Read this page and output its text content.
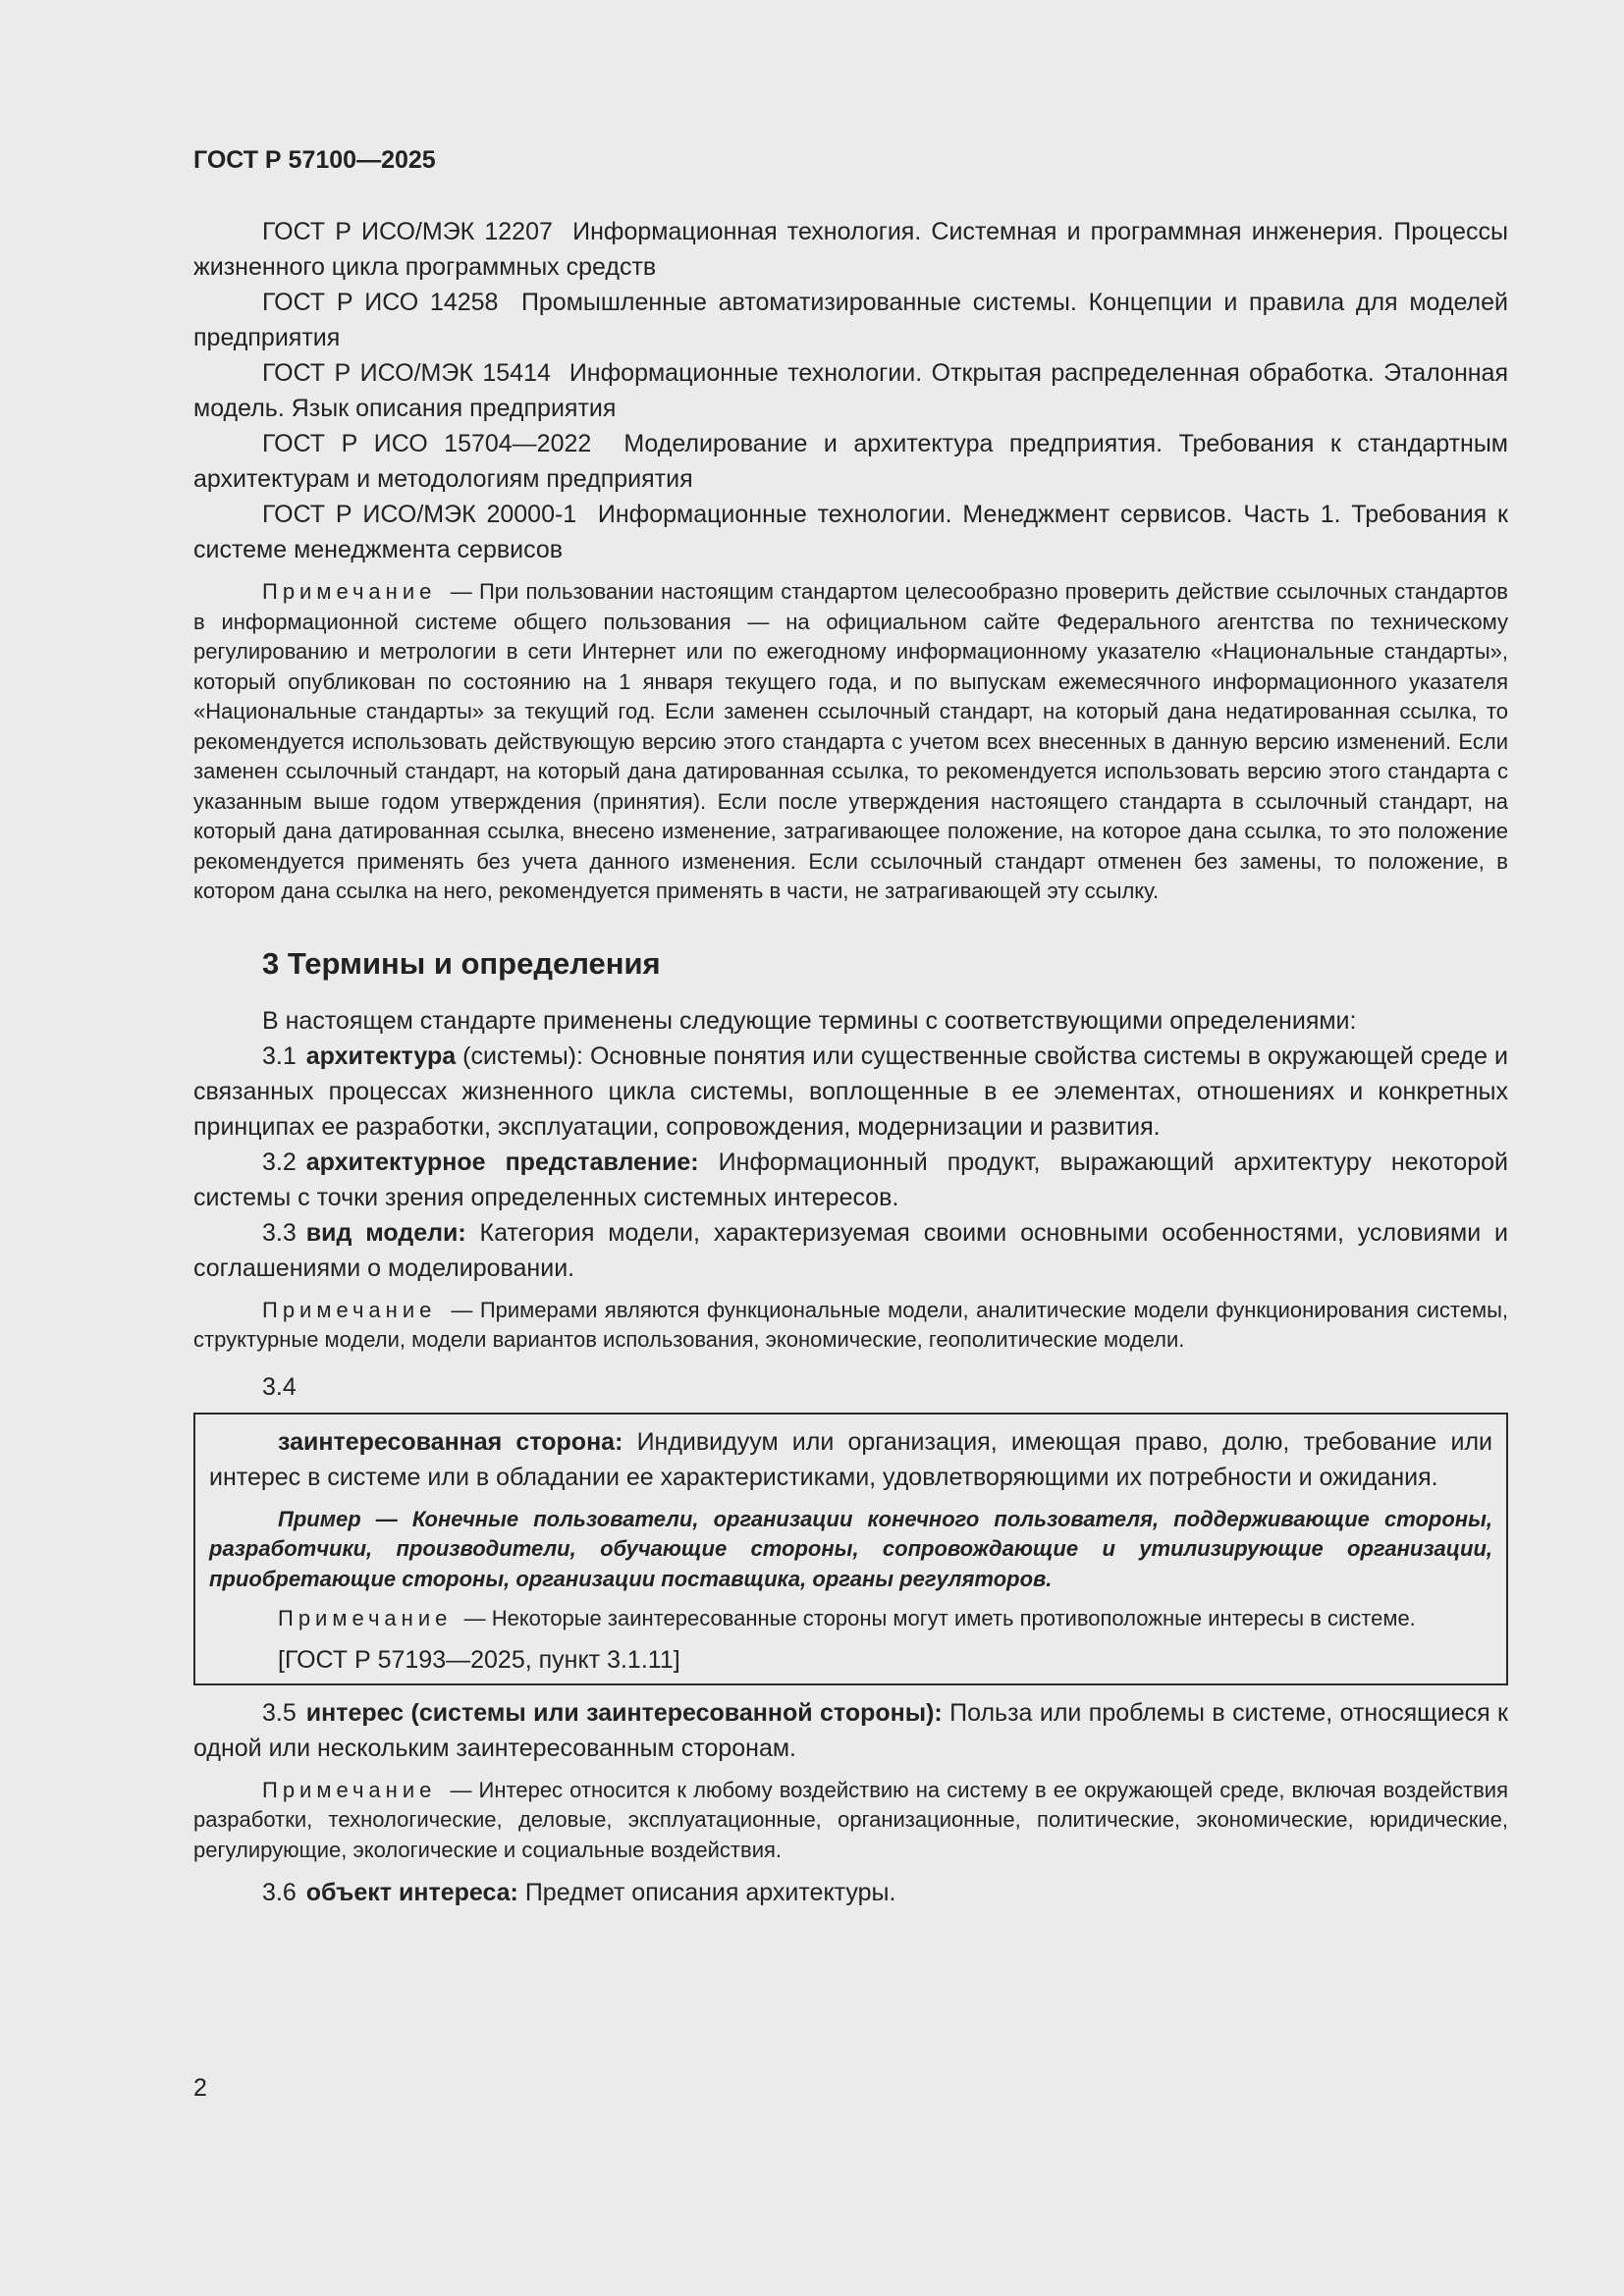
ГОСТ Р 57100—2025

ГОСТ Р ИСО/МЭК 12207 Информационная технология. Системная и программная инженерия. Процессы жизненного цикла программных средств

ГОСТ Р ИСО 14258 Промышленные автоматизированные системы. Концепции и правила для моделей предприятия

ГОСТ Р ИСО/МЭК 15414 Информационные технологии. Открытая распределенная обработка. Эталонная модель. Язык описания предприятия

ГОСТ Р ИСО 15704—2022 Моделирование и архитектура предприятия. Требования к стандартным архитектурам и методологиям предприятия

ГОСТ Р ИСО/МЭК 20000-1 Информационные технологии. Менеджмент сервисов. Часть 1. Требования к системе менеджмента сервисов

Примечание — При пользовании настоящим стандартом целесообразно проверить действие ссылочных стандартов в информационной системе общего пользования — на официальном сайте Федерального агентства по техническому регулированию и метрологии в сети Интернет или по ежегодному информационному указателю «Национальные стандарты», который опубликован по состоянию на 1 января текущего года, и по выпускам ежемесячного информационного указателя «Национальные стандарты» за текущий год. Если заменен ссылочный стандарт, на который дана недатированная ссылка, то рекомендуется использовать действующую версию этого стандарта с учетом всех внесенных в данную версию изменений. Если заменен ссылочный стандарт, на который дана датированная ссылка, то рекомендуется использовать версию этого стандарта с указанным выше годом утверждения (принятия). Если после утверждения настоящего стандарта в ссылочный стандарт, на который дана датированная ссылка, внесено изменение, затрагивающее положение, на которое дана ссылка, то это положение рекомендуется применять без учета данного изменения. Если ссылочный стандарт отменен без замены, то положение, в котором дана ссылка на него, рекомендуется применять в части, не затрагивающей эту ссылку.

3 Термины и определения

В настоящем стандарте применены следующие термины с соответствующими определениями:

3.1 архитектура (системы): Основные понятия или существенные свойства системы в окружающей среде и связанных процессах жизненного цикла системы, воплощенные в ее элементах, отношениях и конкретных принципах ее разработки, эксплуатации, сопровождения, модернизации и развития.

3.2 архитектурное представление: Информационный продукт, выражающий архитектуру некоторой системы с точки зрения определенных системных интересов.

3.3 вид модели: Категория модели, характеризуемая своими основными особенностями, условиями и соглашениями о моделировании.

Примечание — Примерами являются функциональные модели, аналитические модели функционирования системы, структурные модели, модели вариантов использования, экономические, геополитические модели.

3.4

заинтересованная сторона: Индивидуум или организация, имеющая право, долю, требование или интерес в системе или в обладании ее характеристиками, удовлетворяющими их потребности и ожидания.

Пример — Конечные пользователи, организации конечного пользователя, поддерживающие стороны, разработчики, производители, обучающие стороны, сопровождающие и утилизирующие организации, приобретающие стороны, организации поставщика, органы регуляторов.

Примечание — Некоторые заинтересованные стороны могут иметь противоположные интересы в системе.

[ГОСТ Р 57193—2025, пункт 3.1.11]

3.5 интерес (системы или заинтересованной стороны): Польза или проблемы в системе, относящиеся к одной или нескольким заинтересованным сторонам.

Примечание — Интерес относится к любому воздействию на систему в ее окружающей среде, включая воздействия разработки, технологические, деловые, эксплуатационные, организационные, политические, экономические, юридические, регулирующие, экологические и социальные воздействия.

3.6 объект интереса: Предмет описания архитектуры.

2
